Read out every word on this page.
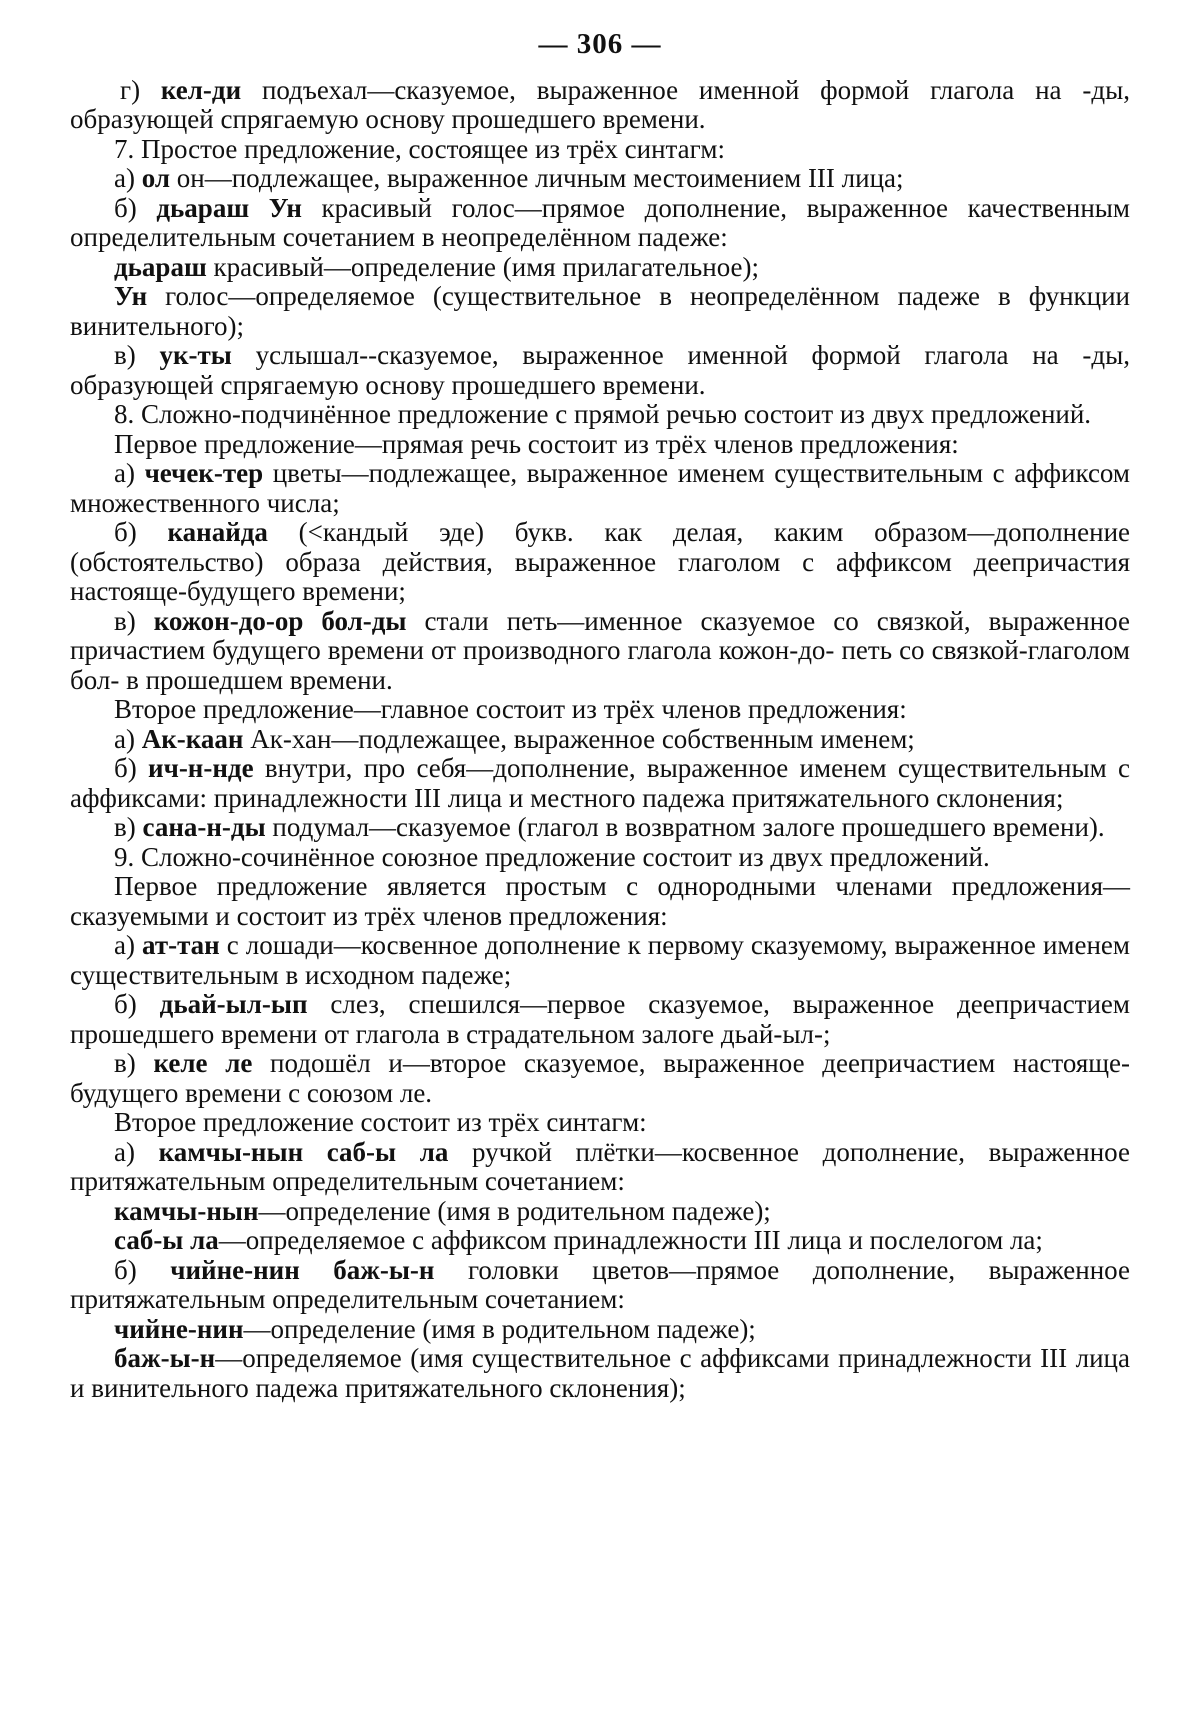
— 306 —

г) кел-ди подъехал—сказуемое, выраженное именной формой глагола на -ды, образующей спрягаемую основу прошедшего времени.

7. Простое предложение, состоящее из трёх синтагм:

а) ол он—подлежащее, выраженное личным местоимением III лица;

б) дьараш Ун красивый голос—прямое дополнение, выраженное качественным определительным сочетанием в неопределённом падеже:

дьараш красивый—определение (имя прилагательное);

Ун голос—определяемое (существительное в неопределённом падеже в функции винительного);

в) ук-ты услышал--сказуемое, выраженное именной формой глагола на -ды, образующей спрягаемую основу прошедшего времени.

8. Сложно-подчинённое предложение с прямой речью состоит из двух предложений.

Первое предложение—прямая речь состоит из трёх членов предложения:

а) чечек-тер цветы—подлежащее, выраженное именем существительным с аффиксом множественного числа;

б) канайда (<кандый эде) букв. как делая, каким образом—дополнение (обстоятельство) образа действия, выраженное глаголом с аффиксом деепричастия настояще-будущего времени;

в) кожон-до-ор бол-ды стали петь—именное сказуемое со связкой, выраженное причастием будущего времени от производного глагола кожон-до- петь со связкой-глаголом бол- в прошедшем времени.

Второе предложение—главное состоит из трёх членов предложения:

а) Ак-каан Ак-хан—подлежащее, выраженное собственным именем;

б) ич-н-нде внутри, про себя—дополнение, выраженное именем существительным с аффиксами: принадлежности III лица и местного падежа притяжательного склонения;

в) сана-н-ды подумал—сказуемое (глагол в возвратном залоге прошедшего времени).

9. Сложно-сочинённое союзное предложение состоит из двух предложений.

Первое предложение является простым с однородными членами предложения—сказуемыми и состоит из трёх членов предложения:

а) ат-тан с лошади—косвенное дополнение к первому сказуемому, выраженное именем существительным в исходном падеже;

б) дьай-ыл-ып слез, спешился—первое сказуемое, выраженное деепричастием прошедшего времени от глагола в страдательном залоге дьай-ыл-;

в) келе ле подошёл и—второе сказуемое, выраженное деепричастием настояще-будущего времени с союзом ле.

Второе предложение состоит из трёх синтагм:

а) камчы-нын саб-ы ла ручкой плётки—косвенное дополнение, выраженное притяжательным определительным сочетанием:

камчы-нын—определение (имя в родительном падеже);

саб-ы ла—определяемое с аффиксом принадлежности III лица и послелогом ла;

б) чийне-нин баж-ы-н головки цветов—прямое дополнение, выраженное притяжательным определительным сочетанием:

чийне-нин—определение (имя в родительном падеже);

баж-ы-н—определяемое (имя существительное с аффиксами принадлежности III лица и винительного падежа притяжательного склонения);
